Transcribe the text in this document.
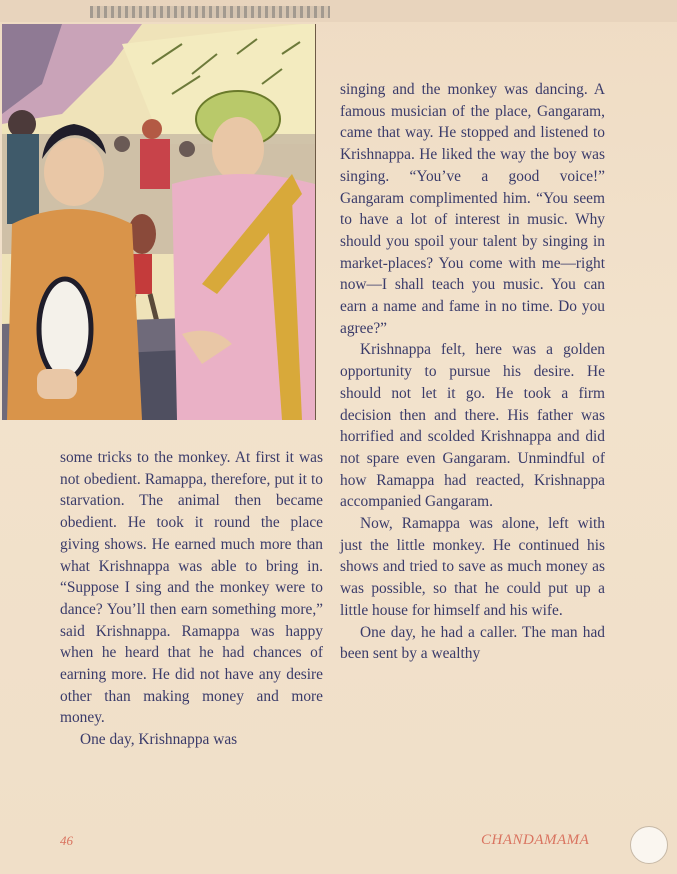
singing and the monkey was dancing. A famous musician of the place, Gangaram, came that way. He stopped and listened to Krishnappa. He liked the way the boy was singing. “You’ve a good voice!” Gangaram complimented him. “You seem to have a lot of interest in music. Why should you spoil your talent by singing in market-places? You come with me—right now—I shall teach you music. You can earn a name and fame in no time. Do you agree?”

Krishnappa felt, here was a golden opportunity to pursue his desire. He should not let it go. He took a firm decision then and there. His father was horrified and scolded Krishnappa and did not spare even Gangaram. Unmindful of how Ramappa had reacted, Krishnappa accompanied Gangaram.

Now, Ramappa was alone, left with just the little monkey. He continued his shows and tried to save as much money as was possible, so that he could put up a little house for himself and his wife.

One day, he had a caller. The man had been sent by a wealthy

some tricks to the monkey. At first it was not obedient. Ramappa, therefore, put it to starvation. The animal then became obedient. He took it round the place giving shows. He earned much more than what Krishnappa was able to bring in. “Suppose I sing and the monkey were to dance? You’ll then earn something more,” said Krishnappa. Ramappa was happy when he heard that he had chances of earning more. He did not have any desire other than making money and more money.

One day, Krishnappa was

46	CHANDAMAMA
